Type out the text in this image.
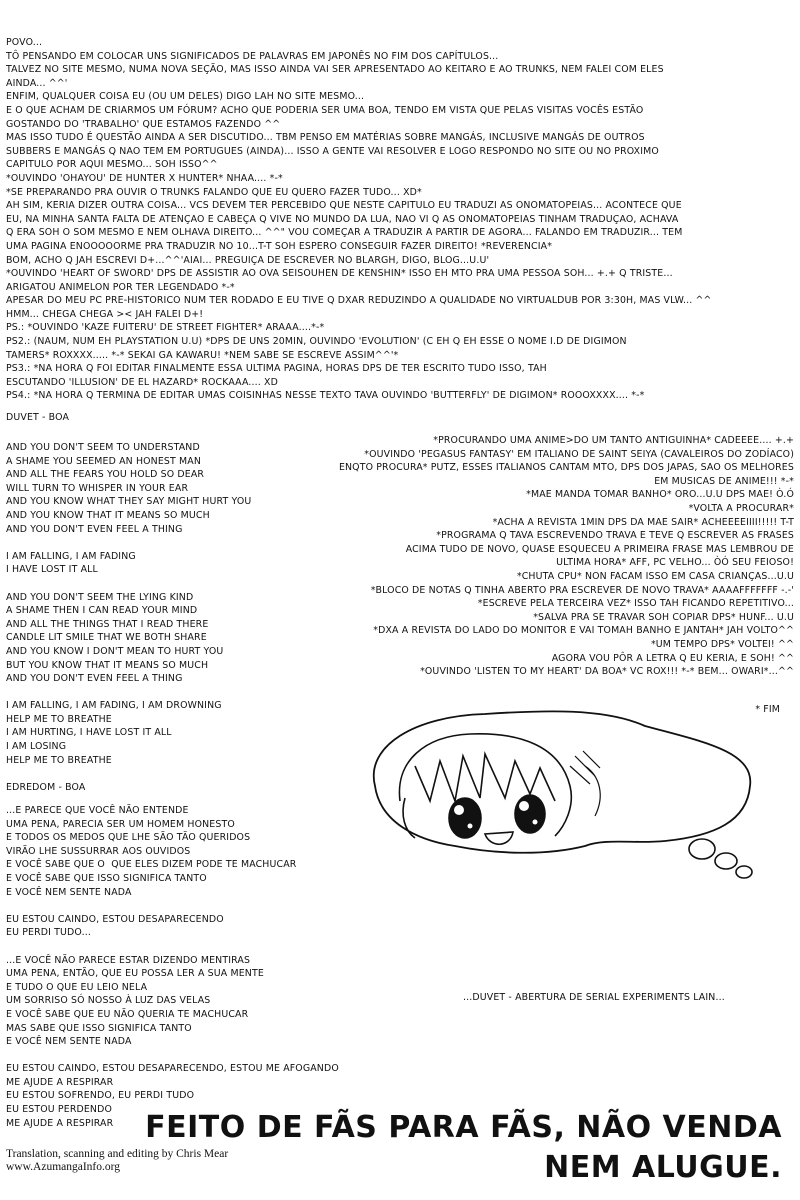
POVO...
TÔ PENSANDO EM COLOCAR UNS SIGNIFICADOS DE PALAVRAS EM JAPONÊS NO FIM DOS CAPÍTULOS...
TALVEZ NO SITE MESMO, NUMA NOVA SEÇÃO, MAS ISSO AINDA VAI SER APRESENTADO AO KEITARO E AO TRUNKS, NEM FALEI COM ELES
AINDA... ^^'
ENFIM, QUALQUER COISA EU (OU UM DELES) DIGO LAH NO SITE MESMO...
E O QUE ACHAM DE CRIARMOS UM FÓRUM? ACHO QUE PODERIA SER UMA BOA, TENDO EM VISTA QUE PELAS VISITAS VOCÊS ESTÃO
GOSTANDO DO 'TRABALHO' QUE ESTAMOS FAZENDO ^^
MAS ISSO TUDO É QUESTÃO AINDA A SER DISCUTIDO... TBM PENSO EM MATÉRIAS SOBRE MANGÁS, INCLUSIVE MANGÁS DE OUTROS
SUBBERS E MANGÁS Q NAO TEM EM PORTUGUES (AINDA)... ISSO A GENTE VAI RESOLVER E LOGO RESPONDO NO SITE OU NO PROXIMO
CAPITULO POR AQUI MESMO... SOH ISSO^^
*OUVINDO 'OHAYOU' DE HUNTER X HUNTER* NHAA.... *-*
*SE PREPARANDO PRA OUVIR O TRUNKS FALANDO QUE EU QUERO FAZER TUDO... XD*
AH SIM, KERIA DIZER OUTRA COISA... VCS DEVEM TER PERCEBIDO QUE NESTE CAPITULO EU TRADUZI AS ONOMATOPEIAS... ACONTECE QUE
EU, NA MINHA SANTA FALTA DE ATENÇAO E CABEÇA Q VIVE NO MUNDO DA LUA, NAO VI Q AS ONOMATOPEIAS TINHAM TRADUÇAO, ACHAVA
Q ERA SOH O SOM MESMO E NEM OLHAVA DIREITO... ^^" VOU COMEÇAR A TRADUZIR A PARTIR DE AGORA... FALANDO EM TRADUZIR... TEM
UMA PAGINA ENOOOOORME PRA TRADUZIR NO 10...T-T SOH ESPERO CONSEGUIR FAZER DIREITO! *REVERENCIA*
BOM, ACHO Q JAH ESCREVI D+...^^'AIAI... PREGUIÇA DE ESCREVER NO BLARGH, DIGO, BLOG...U.U'
*OUVINDO 'HEART OF SWORD' DPS DE ASSISTIR AO OVA SEISOUHEN DE KENSHIN* ISSO EH MTO PRA UMA PESSOA SOH... +.+ Q TRISTE...
ARIGATOU ANIMELON POR TER LEGENDADO *-*
APESAR DO MEU PC PRE-HISTORICO NUM TER RODADO E EU TIVE Q DXAR REDUZINDO A QUALIDADE NO VIRTUALDUB POR 3:30H, MAS VLW... ^^
HMM... CHEGA CHEGA >< JAH FALEI D+!
PS.: *OUVINDO 'KAZE FUITERU' DE STREET FIGHTER* ARAAA....*-*
PS2.: (NAUM, NUM EH PLAYSTATION U.U) *DPS DE UNS 20MIN, OUVINDO 'EVOLUTION' (C EH Q EH ESSE O NOME I.D DE DIGIMON
TAMERS* ROXXXX..... *-* SEKAI GA KAWARU! *NEM SABE SE ESCREVE ASSIM^^'*
PS3.: *NA HORA Q FOI EDITAR FINALMENTE ESSA ULTIMA PAGINA, HORAS DPS DE TER ESCRITO TUDO ISSO, TAH
ESCUTANDO 'ILLUSION' DE EL HAZARD* ROCKAAA.... XD
PS4.: *NA HORA Q TERMINA DE EDITAR UMAS COISINHAS NESSE TEXTO TAVA OUVINDO 'BUTTERFLY' DE DIGIMON* ROOOXXXX.... *-*
DUVET - BOA
AND YOU DON'T SEEM TO UNDERSTAND
A SHAME YOU SEEMED AN HONEST MAN
AND ALL THE FEARS YOU HOLD SO DEAR
WILL TURN TO WHISPER IN YOUR EAR
AND YOU KNOW WHAT THEY SAY MIGHT HURT YOU
AND YOU KNOW THAT IT MEANS SO MUCH
AND YOU DON'T EVEN FEEL A THING
I AM FALLING, I AM FADING
I HAVE LOST IT ALL
AND YOU DON'T SEEM THE LYING KIND
A SHAME THEN I CAN READ YOUR MIND
AND ALL THE THINGS THAT I READ THERE
CANDLE LIT SMILE THAT WE BOTH SHARE
AND YOU KNOW I DON'T MEAN TO HURT YOU
BUT YOU KNOW THAT IT MEANS SO MUCH
AND YOU DON'T EVEN FEEL A THING
I AM FALLING, I AM FADING, I AM DROWNING
HELP ME TO BREATHE
I AM HURTING, I HAVE LOST IT ALL
I AM LOSING
HELP ME TO BREATHE
EDREDOM - BOA
*PROCURANDO UMA ANIME>DO UM TANTO ANTIGUINHA* CADEEEE.... +.+
*OUVINDO 'PEGASUS FANTASY' EM ITALIANO DE SAINT SEIYA (CAVALEIROS DO ZODÍACO)
ENQTO PROCURA* PUTZ, ESSES ITALIANOS CANTAM MTO, DPS DOS JAPAS, SAO OS MELHORES
EM MUSICAS DE ANIME!!! *-*
*MAE MANDA TOMAR BANHO* ORO...U.U DPS MAE! Ò.Ó
*VOLTA A PROCURAR*
*ACHA A REVISTA 1MIN DPS DA MAE SAIR* ACHEEEEIIII!!!!! T-T
*PROGRAMA Q TAVA ESCREVENDO TRAVA E TEVE Q ESCREVER AS FRASES
ACIMA TUDO DE NOVO, QUASE ESQUECEU A PRIMEIRA FRASE MAS LEMBROU DE
ULTIMA HORA* AFF, PC VELHO... ÒÓ SEU FEIOSO!
*CHUTA CPU* NON FACAM ISSO EM CASA CRIANÇAS...U.U
*BLOCO DE NOTAS Q TINHA ABERTO PRA ESCREVER DE NOVO TRAVA* AAAAFFFFFFF -.-'
*ESCREVE PELA TERCEIRA VEZ* ISSO TAH FICANDO REPETITIVO...
*SALVA PRA SE TRAVAR SOH COPIAR DPS* HUNF... U.U
*DXA A REVISTA DO LADO DO MONITOR E VAI TOMAH BANHO E JANTAH* JAH VOLTO^^
*UM TEMPO DPS* VOLTEI! ^^
AGORA VOU PÔR A LETRA Q EU KERIA, E SOH! ^^
*OUVINDO 'LISTEN TO MY HEART' DA BOA* VC ROX!!! *-* BEM... OWARI*...^^
* FIM
...E PARECE QUE VOCÊ NÃO ENTENDE
UMA PENA, PARECIA SER UM HOMEM HONESTO
E TODOS OS MEDOS QUE LHE SÃO TÃO QUERIDOS
VIRÃO LHE SUSSURRAR AOS OUVIDOS
E VOCÊ SABE QUE O  QUE ELES DIZEM PODE TE MACHUCAR
E VOCÊ SABE QUE ISSO SIGNIFICA TANTO
E VOCÊ NEM SENTE NADA
EU ESTOU CAINDO, ESTOU DESAPARECENDO
EU PERDI TUDO...
...E VOCÊ NÃO PARECE ESTAR DIZENDO MENTIRAS
UMA PENA, ENTÃO, QUE EU POSSA LER A SUA MENTE
E TUDO O QUE EU LEIO NELA
UM SORRISO SÓ NOSSO À LUZ DAS VELAS
E VOCÊ SABE QUE EU NÃO QUERIA TE MACHUCAR
MAS SABE QUE ISSO SIGNIFICA TANTO
E VOCÊ NEM SENTE NADA
EU ESTOU CAINDO, ESTOU DESAPARECENDO, ESTOU ME AFOGANDO
ME AJUDE A RESPIRAR
EU ESTOU SOFRENDO, EU PERDI TUDO
EU ESTOU PERDENDO
ME AJUDE A RESPIRAR
...DUVET - ABERTURA DE SERIAL EXPERIMENTS LAIN...
FEITO DE FÃS PARA FÃS, NÃO VENDA
NEM ALUGUE.
Translation, scanning and editing by Chris Mear
www.AzumangaInfo.org
